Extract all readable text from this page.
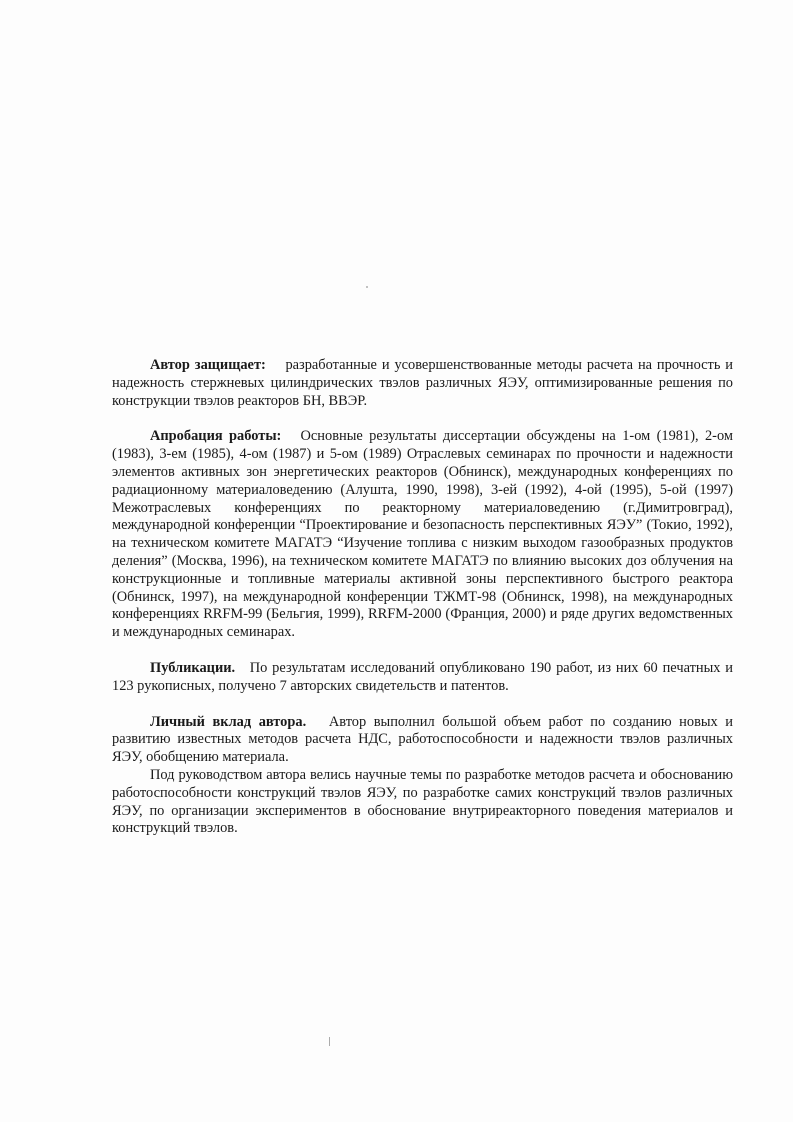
Автор защищает: разработанные и усовершенствованные методы расчета на прочность и надежность стержневых цилиндрических твэлов различных ЯЭУ, оптимизированные решения по конструкции твэлов реакторов БН, ВВЭР.

Апробация работы: Основные результаты диссертации обсуждены на 1-ом (1981), 2-ом (1983), 3-ем (1985), 4-ом (1987) и 5-ом (1989) Отраслевых семинарах по прочности и надежности элементов активных зон энергетических реакторов (Обнинск), международных конференциях по радиационному материаловедению (Алушта, 1990, 1998), 3-ей (1992), 4-ой (1995), 5-ой (1997) Межотраслевых конференциях по реакторному материаловедению (г.Димитровград), международной конференции “Проектирование и безопасность перспективных ЯЭУ” (Токио, 1992), на техническом комитете МАГАТЭ “Изучение топлива с низким выходом газообразных продуктов деления” (Москва, 1996), на техническом комитете МАГАТЭ по влиянию высоких доз облучения на конструкционные и топливные материалы активной зоны перспективного быстрого реактора (Обнинск, 1997), на международной конференции ТЖМТ-98 (Обнинск, 1998), на международных конференциях RRFM-99 (Бельгия, 1999), RRFM-2000 (Франция, 2000) и ряде других ведомственных и международных семинарах.

Публикации. По результатам исследований опубликовано 190 работ, из них 60 печатных и 123 рукописных, получено 7 авторских свидетельств и патентов.

Личный вклад автора. Автор выполнил большой объем работ по созданию новых и развитию известных методов расчета НДС, работоспособности и надежности твэлов различных ЯЭУ, обобщению материала.

Под руководством автора велись научные темы по разработке методов расчета и обоснованию работоспособности конструкций твэлов ЯЭУ, по разработке самих конструкций твэлов различных ЯЭУ, по организации экспериментов в обоснование внутриреакторного поведения материалов и конструкций твэлов.
